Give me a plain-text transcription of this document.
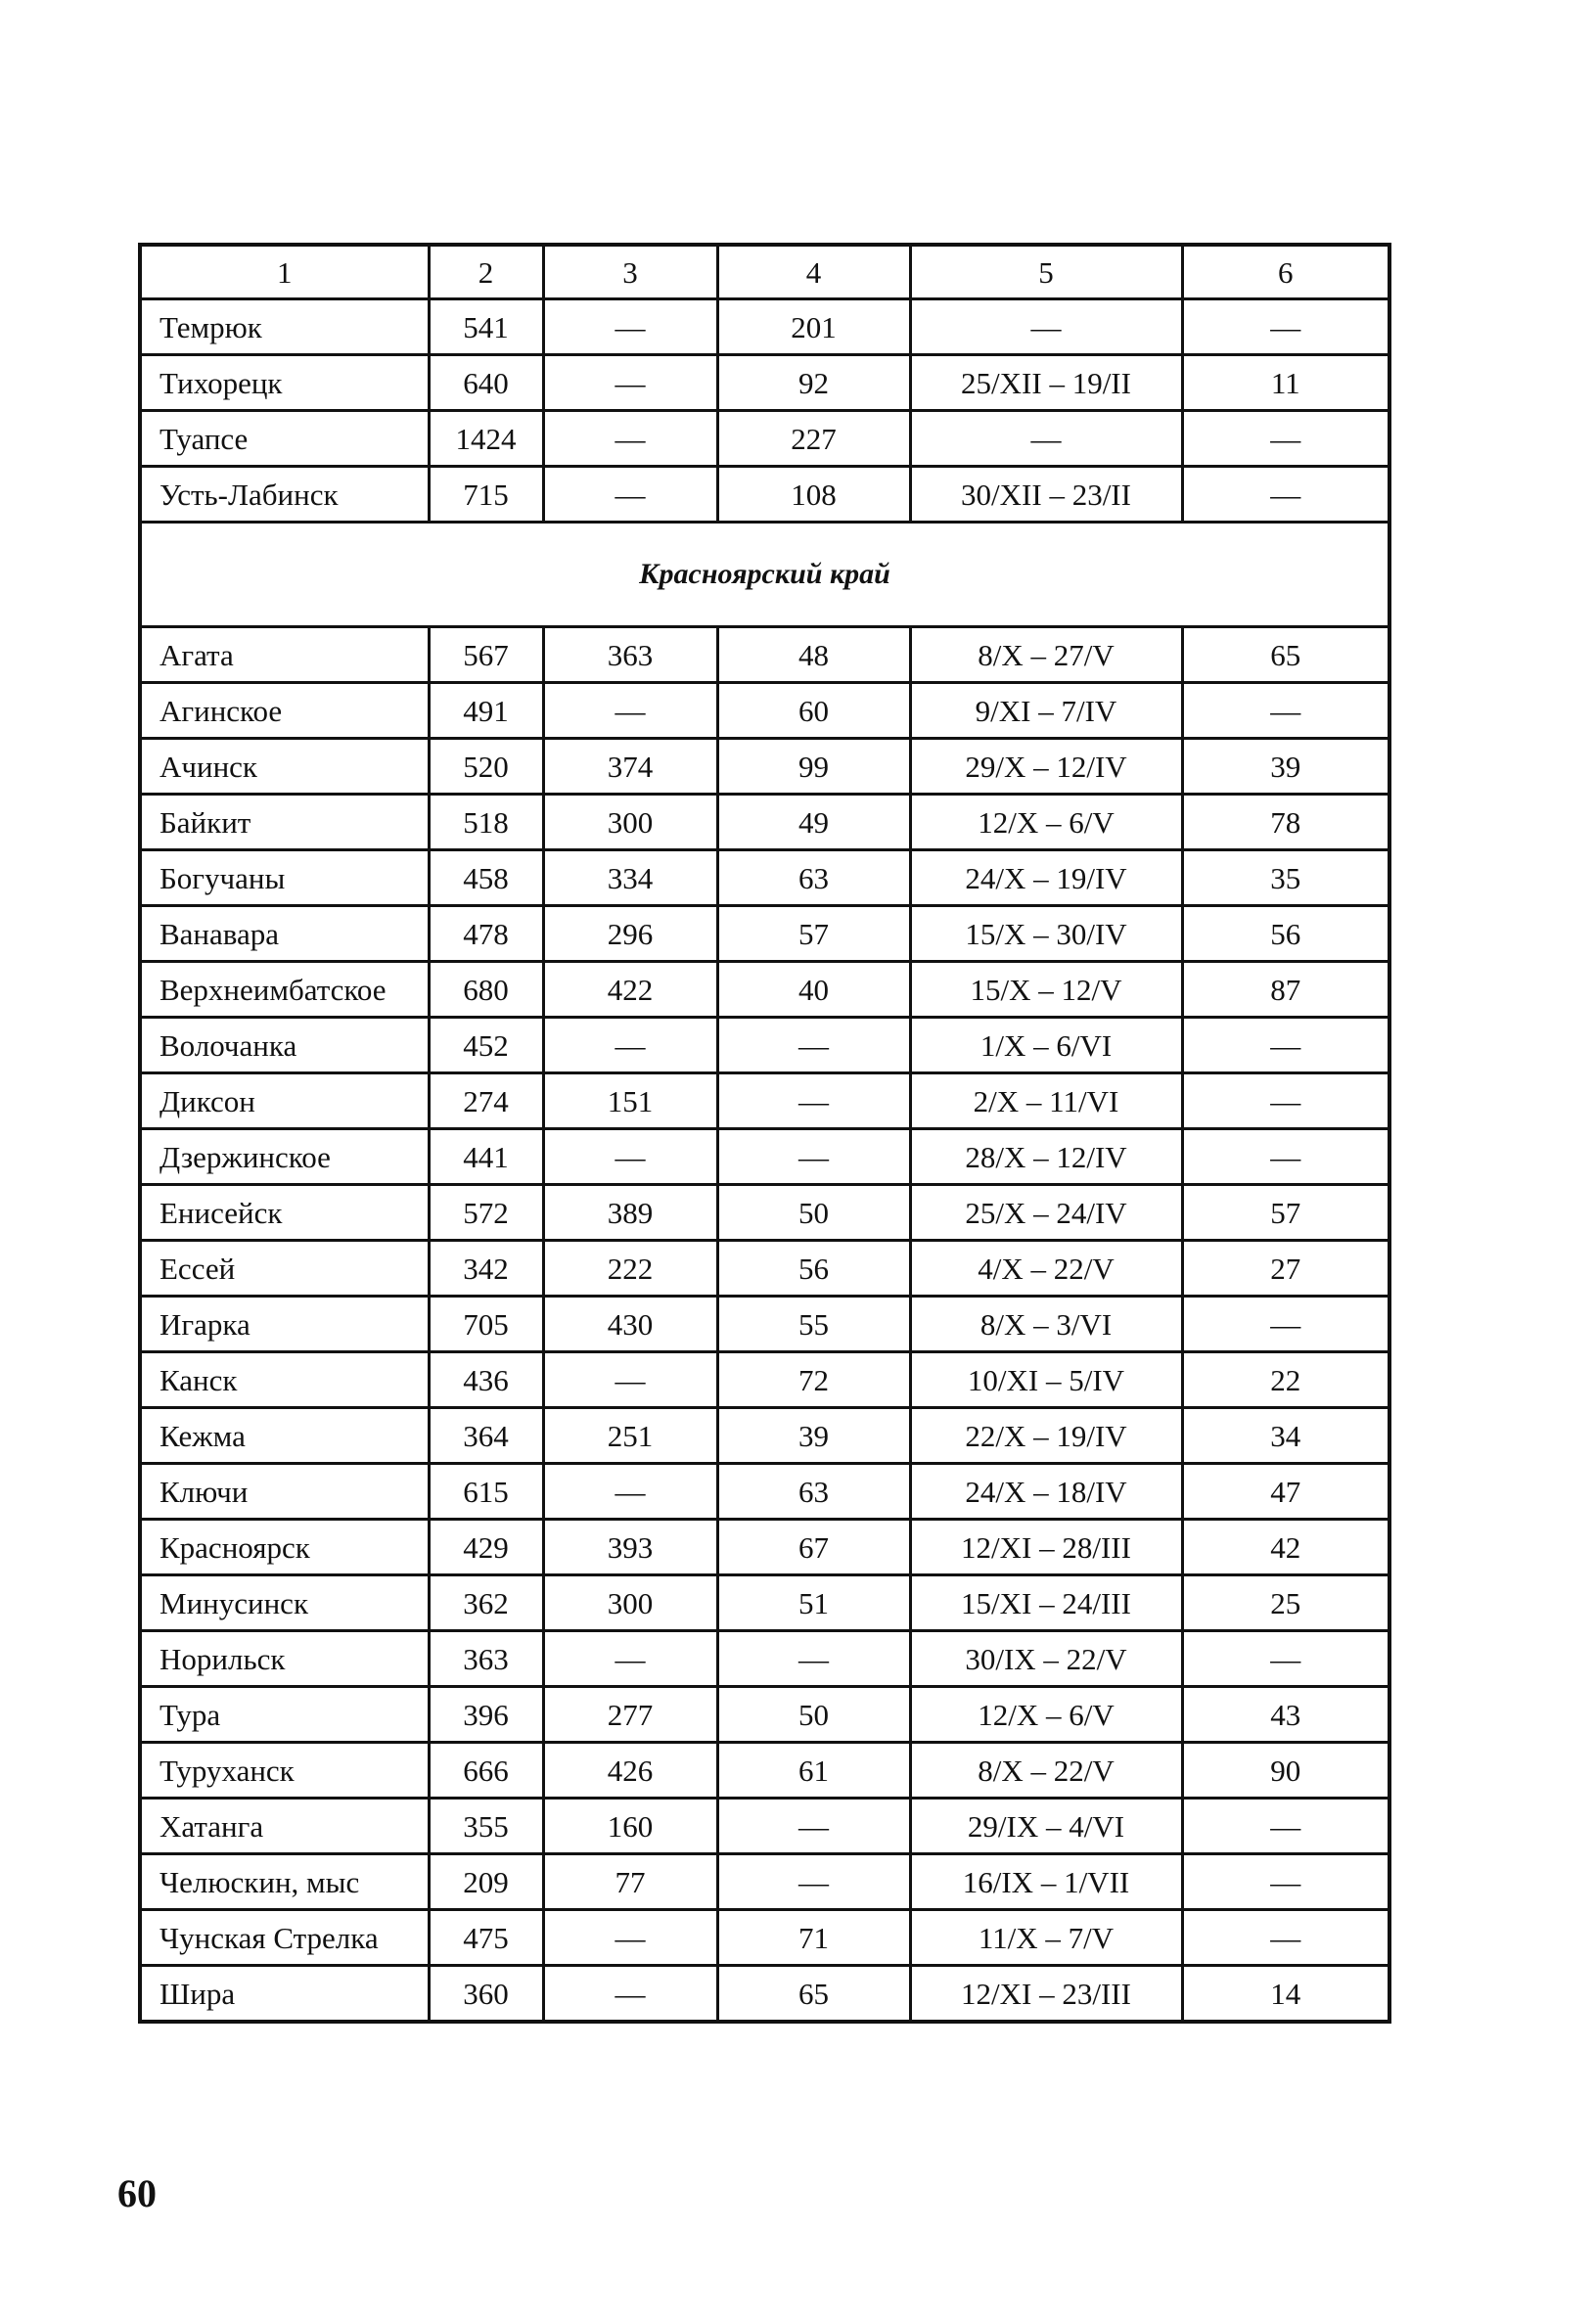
1	2	3	4	5	6
Темрюк	541	—	201	—	—
Тихорецк	640	—	92	25/XII – 19/II	11
Туапсе	1424	—	227	—	—
Усть-Лабинск	715	—	108	30/XII – 23/II	—
Красноярский край					
Агата	567	363	48	8/X – 27/V	65
Агинское	491	—	60	9/XI – 7/IV	—
Ачинск	520	374	99	29/X – 12/IV	39
Байкит	518	300	49	12/X – 6/V	78
Богучаны	458	334	63	24/X – 19/IV	35
Ванавара	478	296	57	15/X – 30/IV	56
Верхнеимбатское	680	422	40	15/X – 12/V	87
Волочанка	452	—	—	1/X – 6/VI	—
Диксон	274	151	—	2/X – 11/VI	—
Дзержинское	441	—	—	28/X – 12/IV	—
Енисейск	572	389	50	25/X – 24/IV	57
Ессей	342	222	56	4/X – 22/V	27
Игарка	705	430	55	8/X – 3/VI	—
Канск	436	—	72	10/XI – 5/IV	22
Кежма	364	251	39	22/X – 19/IV	34
Ключи	615	—	63	24/X – 18/IV	47
Красноярск	429	393	67	12/XI – 28/III	42
Минусинск	362	300	51	15/XI – 24/III	25
Норильск	363	—	—	30/IX – 22/V	—
Тура	396	277	50	12/X – 6/V	43
Туруханск	666	426	61	8/X – 22/V	90
Хатанга	355	160	—	29/IX – 4/VI	—
Челюскин, мыс	209	77	—	16/IX – 1/VII	—
Чунская Стрелка	475	—	71	11/X – 7/V	—
Шира	360	—	65	12/XI – 23/III	14
60
